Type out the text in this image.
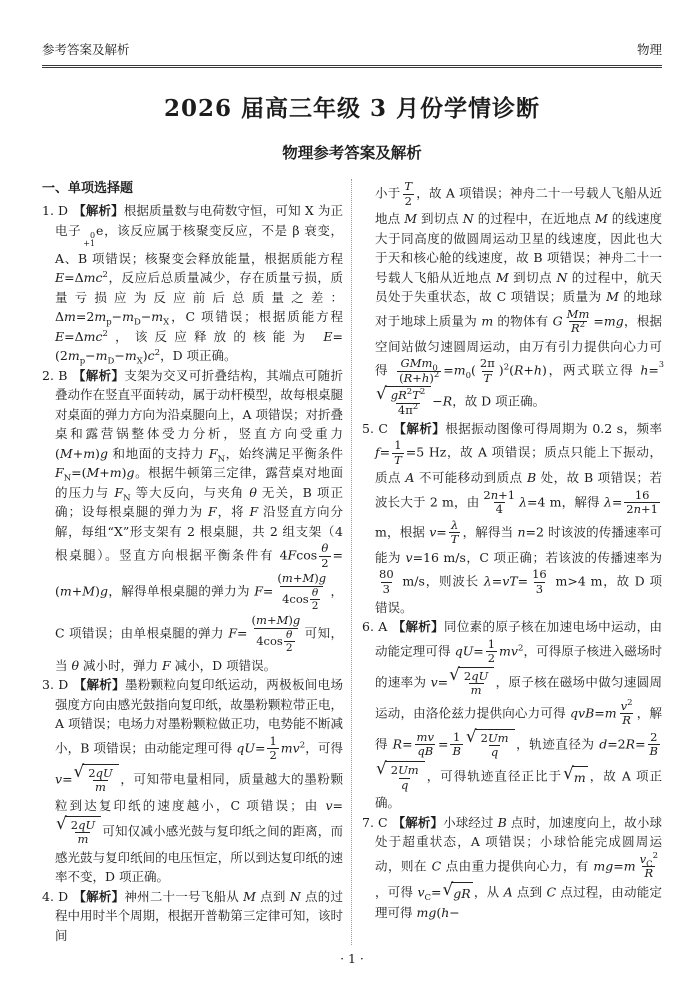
参考答案及解析	物理
2026 届高三年级 3 月份学情诊断
物理参考答案及解析
一、单项选择题
1. D 【解析】根据质量数与电荷数守恒，可知 X 为正电子 0
+1
e，该反应属于核聚变反应，不是 β 衰变，A、B 项错误；核聚变会释放能量，根据质能方程 E=Δmc$^2$，反应后总质量减少，存在质量亏损，质量亏损应为反应前后总质量之差：$\Delta m=2m_p-m_D-m_X$，C 项错误；根据质能方程 E=Δmc$^2$，该反应释放的核能为 $E=(2m_p-m_D-m_X)c^2$，D 项正确。
2. B 【解析】支架为交叉可折叠结构，其端点可随折叠动作在竖直平面转动，属于动杆模型，故每根桌腿对桌面的弹力方向为沿桌腿向上，A 项错误；对折叠桌和露营锅整体受力分析，竖直方向受重力 (M+m)g 和地面的支持力 $F_N$，始终满足平衡条件 $F_N=(M+m)g$。根据牛顿第三定律，露营桌对地面的压力与 $F_N$ 等大反向，与夹角 θ 无关，B 项正确；设每根桌腿的弹力为 F，将 F 沿竖直方向分解，每组“X”形支架有 2 根桌腿，共 2 组支架（4 根桌腿）。竖直方向根据平衡条件有 $4Fcos \frac{\theta}{2} =(m+M)g$，解得单根桌腿的弹力为 $F= \frac{(m+M)g}{4\cos \frac{\theta}{2}}$ ，C 项错误；由单根桌腿的弹力 $F= \frac{(m+M)g}{4\cos \frac{\theta}{2}}$ 可知，当 θ 减小时，弹力 F 减小，D 项错误。
3. D 【解析】墨粉颗粒向复印纸运动，两极板间电场强度方向由感光鼓指向复印纸，故墨粉颗粒带正电，A 项错误；电场力对墨粉颗粒做正功，电势能不断减小，B 项错误；由动能定理可得 $qU= \frac{1}{2} mv^2$，可得 v= √ 2qU
m
，可知带电量相同，质量越大的墨粉颗粒到达复印纸的速度越小，C 项错误；由 v=
√ 2qU
m
可知仅减小感光鼓与复印纸之间的距离，而感光鼓与复印纸间的电压恒定，所以到达复印纸的速率不变，D 项正确。
4. D 【解析】神州二十一号飞船从 M 点到 N 点的过程中用时半个周期，根据开普勒第三定律可知，该时间
小于 $\frac{T}{2}$ ，故 A 项错误；神舟二十一号载人飞船从近地点 M 到切点 N 的过程中，在近地点 M 的线速度大于同高度的做圆周运动卫星的线速度，因此也大于天和核心舱的线速度，故 B 项错误；神舟二十一号载人飞船从近地点 M 到切点 N 的过程中，航天员处于失重状态，故 C 项错误；质量为 M 的地球对于地球上质量为 m 的物体有 G $\frac{Mm}{R^2} =mg$，根据空间站做匀速圆周运动，由万有引力提供向心力可得 GMm$_0$
$(R+h)^2 =m_0( \frac{2\pi}{T} )^2(R+h)$，两式联立得 h=$^3$
√ $gR^2T^2$
$4\pi^2 -R$，故 D 项正确。
5. C 【解析】根据振动图像可得周期为 0.2 s，频率 $f= \frac{1}{T} =5$ Hz，故 A 项错误；质点只能上下振动，质点 A 不可能移动到质点 B 处，故 B 项错误；若波长大于 2 m，由 $\frac{2n+1}{4} \lambda=4$ m，解得 $\lambda= \frac{16}{2n+1}$
m，根据 $v= \frac{\lambda}{T}$ ，解得当 n=2 时该波的传播速率可能为 v=16 m/s，C 项正确；若该波的传播速率为
$\frac{80}{3} m/s$，则波长 $\lambda=vT= \frac{16}{3} m>4$ m，故 D 项错误。
6. A 【解析】同位素的原子核在加速电场中运动，由动能定理可得 $qU= \frac{1}{2} mv^2$，可得原子核进入磁场时的速率为 v= √ 2qU
m
，原子核在磁场中做匀速圆周运动，由洛伦兹力提供向心力可得 $qvB=m \frac{v^2}{R}$ ，解得 $R= \frac{mv}{qB} = \frac{1}{B}$ √ 2Um
q
，轨迹直径为 $d=2R= \frac{2}{B}$
√ 2Um
q
，可得轨迹直径正比于 √ m ，故 A 项正确。
7. C 【解析】小球经过 B 点时，加速度向上，故小球处于超重状态，A 项错误；小球恰能完成圆周运动，则在 C 点由重力提供向心力，有 $mg=m \frac{v_C^2}{R}$
，可得 $v_C=$ √ gR ，从 A 点到 C 点过程，由动能定理可得 mg(h−
· 1 ·
